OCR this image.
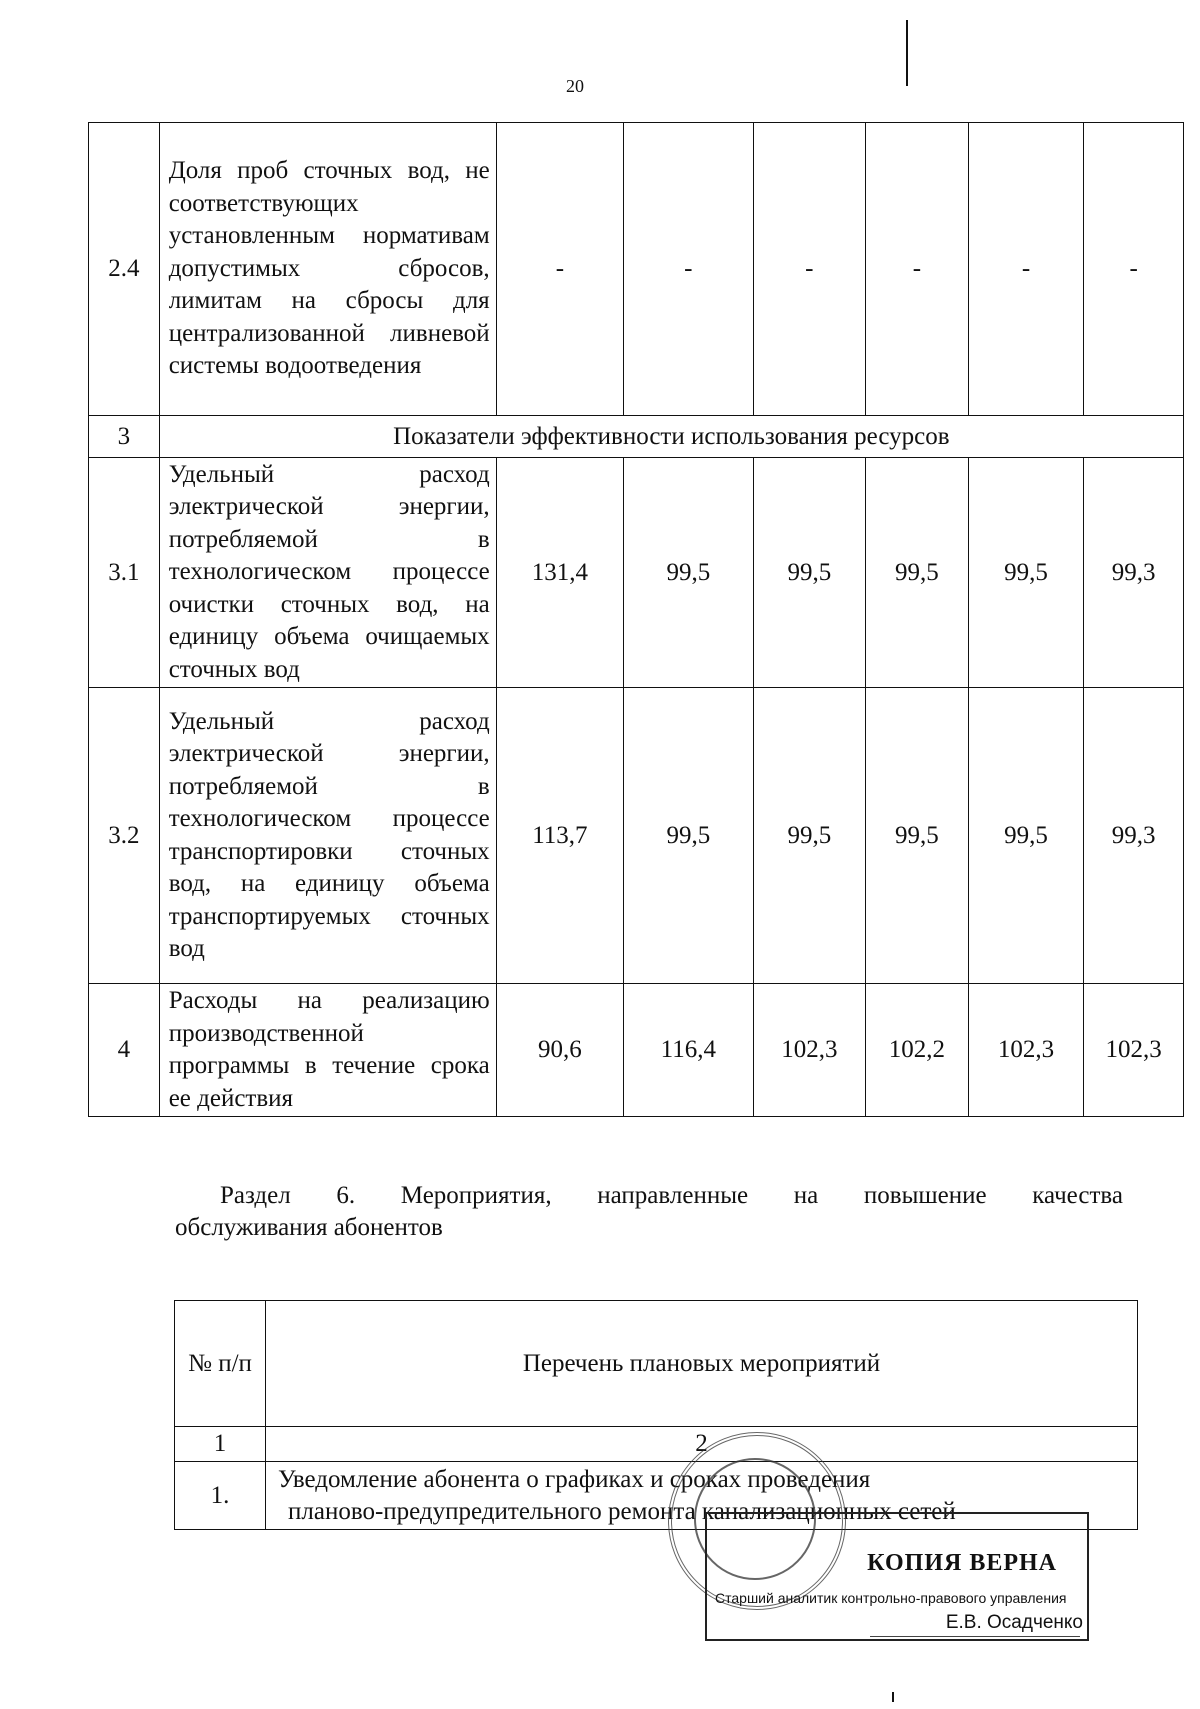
20
2.4	Доля проб сточных вод, не соответствующих установленным нормативам допустимых сбросов, лимитам на сбросы для централизованной ливневой системы водоотведения	-	-	-	-	-	-
3	Показатели эффективности использования ресурсов						
3.1	Удельный расход электрической энергии, потребляемой в технологическом процессе очистки сточных вод, на единицу объема очищаемых сточных вод	131,4	99,5	99,5	99,5	99,5	99,3
3.2	Удельный расход электрической энергии, потребляемой в технологическом процессе транспортировки сточных вод, на единицу объема транспортируемых сточных вод	113,7	99,5	99,5	99,5	99,5	99,3
4	Расходы на реализацию производственной программы в течение срока ее действия	90,6	116,4	102,3	102,2	102,3	102,3
Раздел 6. Мероприятия, направленные на повышение качества
обслуживания абонентов
№ п/п	Перечень плановых мероприятий
1	2
1.	Уведомление абонента о графиках и сроках проведения
планово-предупредительного ремонта канализационных сетей
КОПИЯ ВЕРНА
Старший аналитик контрольно-правового управления
Е.В. Осадченко
